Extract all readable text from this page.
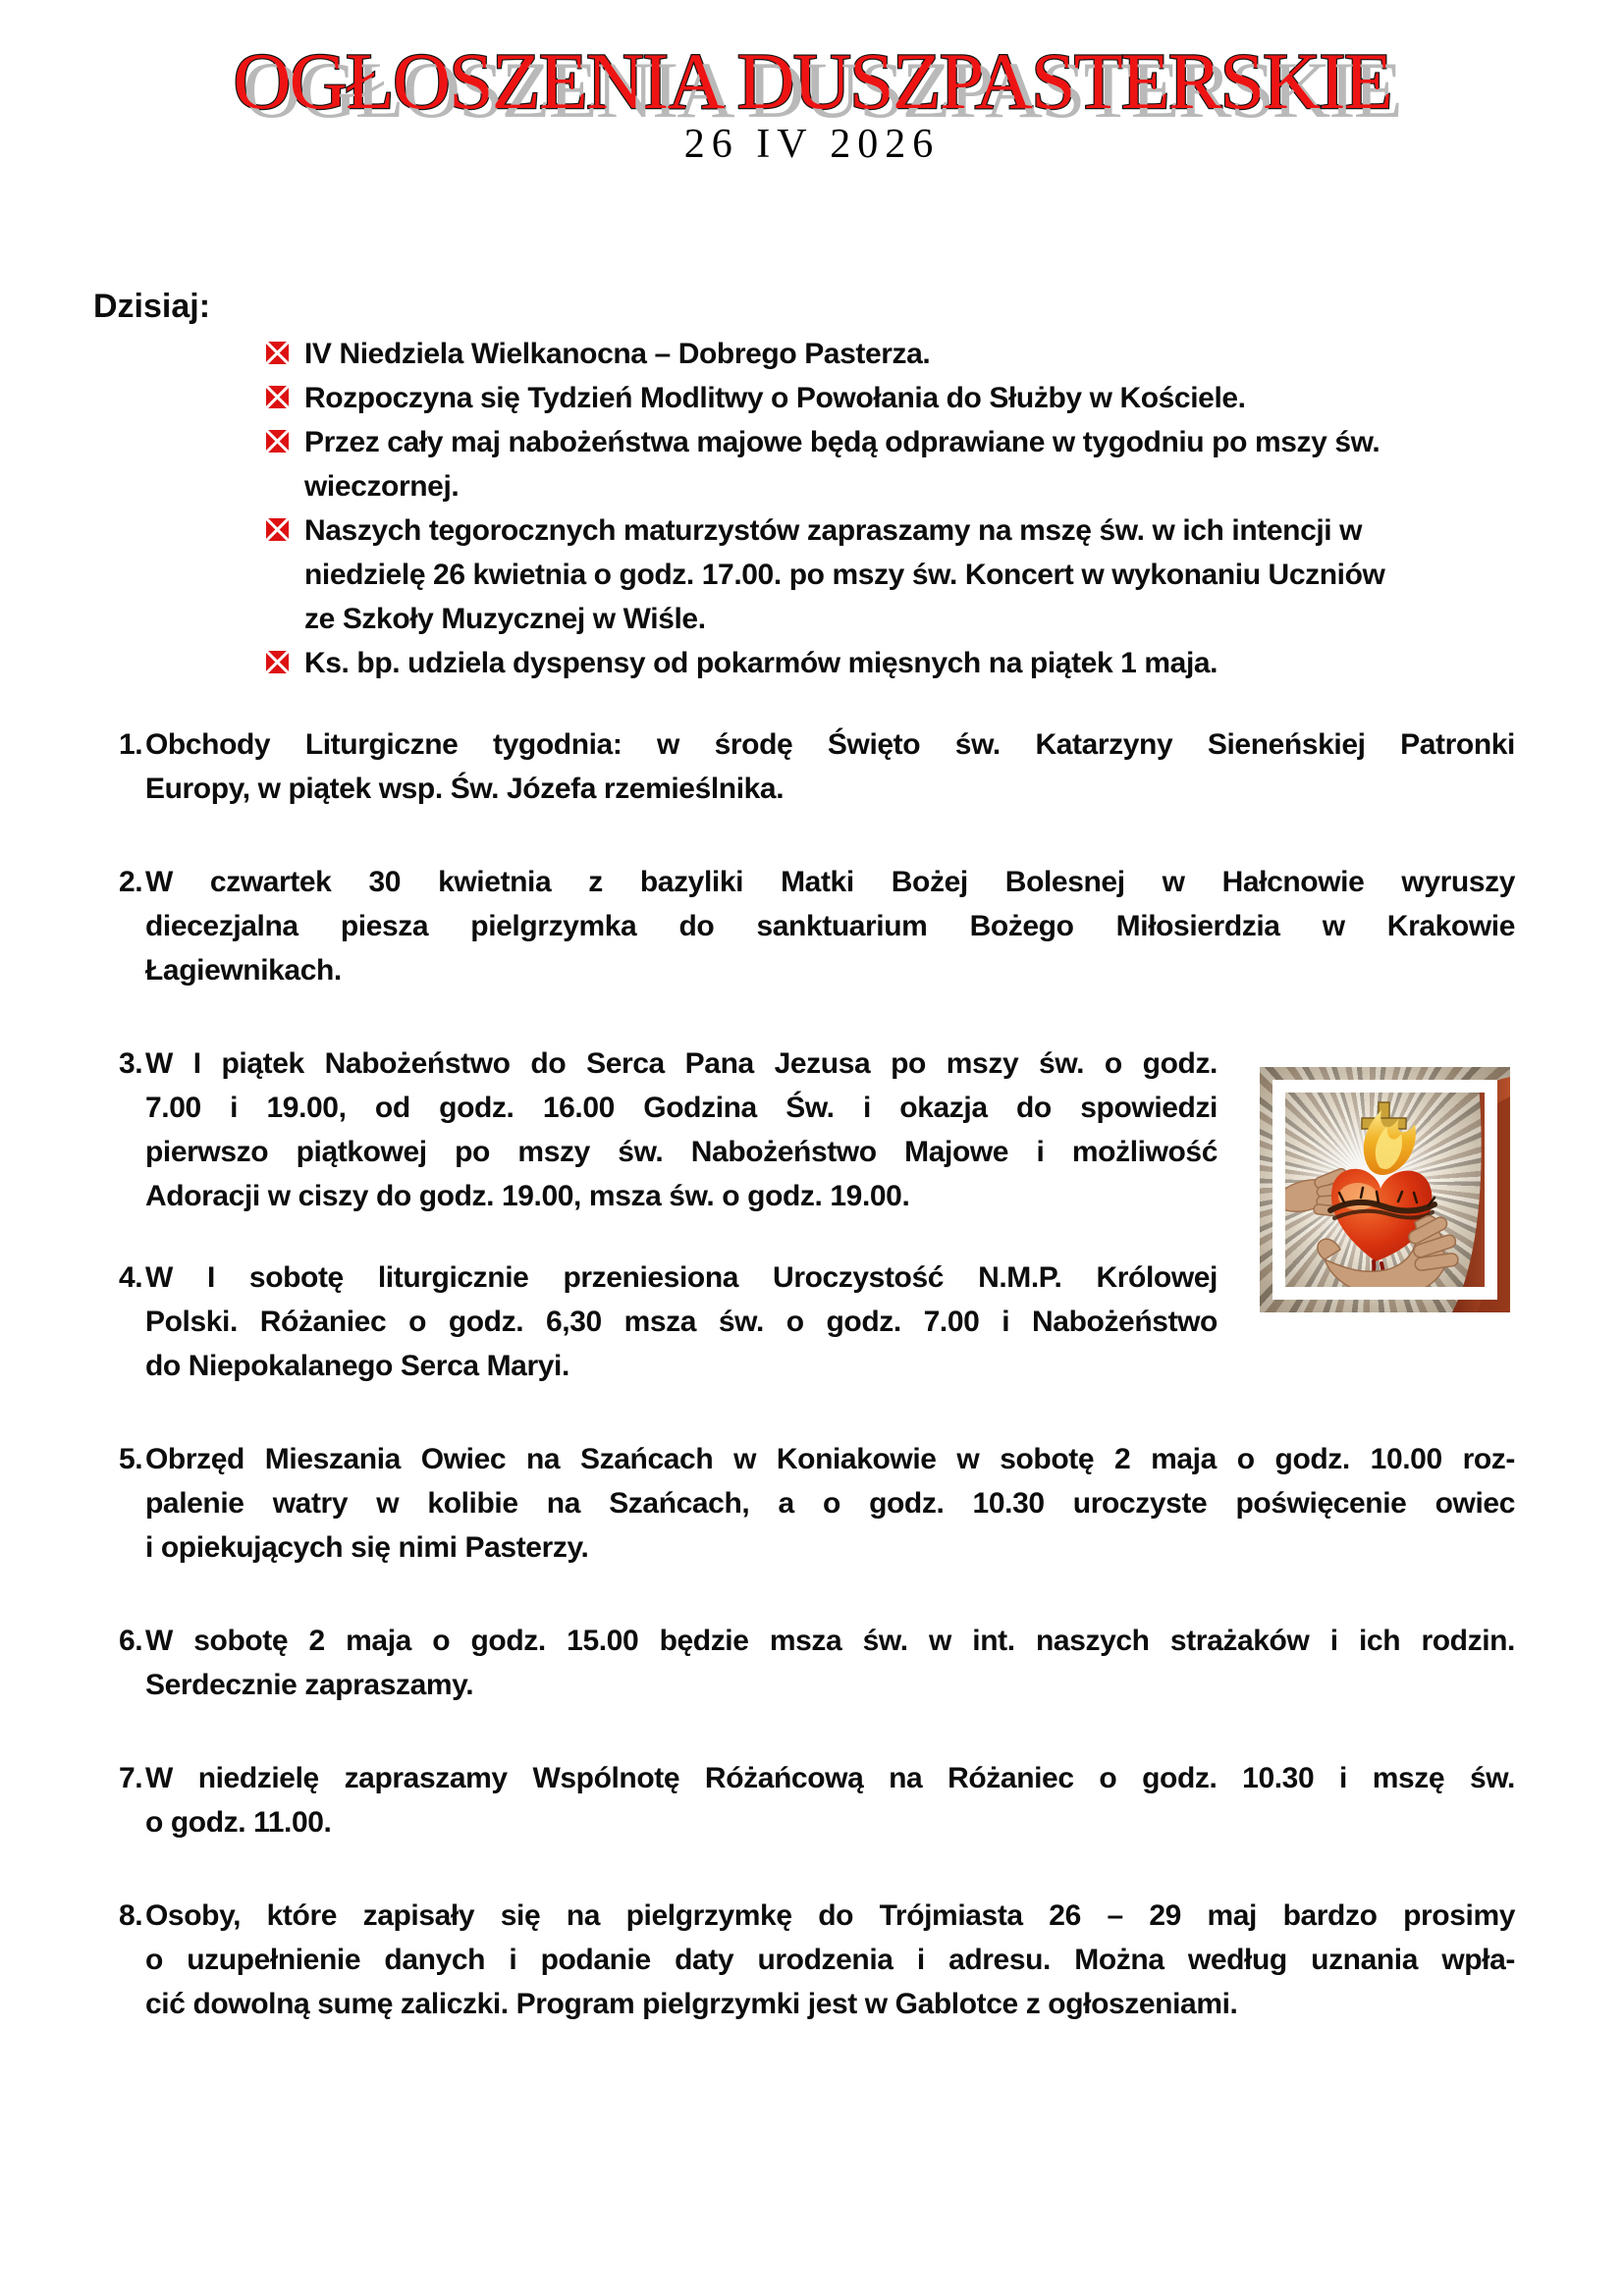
OGŁOSZENIA DUSZPASTERSKIE
26 IV 2026
Dzisiaj:
IV Niedziela Wielkanocna – Dobrego Pasterza.
Rozpoczyna się Tydzień Modlitwy o Powołania do Służby w Kościele.
Przez cały maj nabożeństwa majowe będą odprawiane w tygodniu po mszy św.
wieczornej.
Naszych tegorocznych maturzystów zapraszamy na mszę św. w ich intencji w
niedzielę 26 kwietnia o godz. 17.00. po mszy św. Koncert w wykonaniu Uczniów
ze Szkoły Muzycznej w Wiśle.
Ks. bp. udziela dyspensy od pokarmów mięsnych na piątek 1 maja.
1. Obchody Liturgiczne tygodnia: w środę Święto św. Katarzyny Sieneńskiej Patronki
Europy, w piątek wsp. Św. Józefa rzemieślnika.
2. W czwartek 30 kwietnia z bazyliki Matki Bożej Bolesnej w Hałcnowie wyruszy
diecezjalna piesza pielgrzymka do sanktuarium Bożego Miłosierdzia w Krakowie
Łagiewnikach.
3. W I piątek Nabożeństwo do Serca Pana Jezusa po mszy św. o godz.
7.00 i 19.00, od godz. 16.00 Godzina Św. i okazja do spowiedzi
pierwszo piątkowej po mszy św. Nabożeństwo Majowe i możliwość
Adoracji w ciszy do godz. 19.00, msza św. o godz. 19.00.
4. W I sobotę liturgicznie przeniesiona Uroczystość N.M.P. Królowej
Polski. Różaniec o godz. 6,30 msza św. o godz. 7.00 i Nabożeństwo
do Niepokalanego Serca Maryi.
5. Obrzęd Mieszania Owiec na Szańcach w Koniakowie w sobotę 2 maja o godz. 10.00 roz-
palenie watry w kolibie na Szańcach, a o godz. 10.30 uroczyste poświęcenie owiec
i opiekujących się nimi Pasterzy.
6. W sobotę 2 maja o godz. 15.00 będzie msza św. w int. naszych strażaków i ich rodzin.
Serdecznie zapraszamy.
7. W niedzielę zapraszamy Wspólnotę Różańcową na Różaniec o godz. 10.30 i mszę św.
o godz. 11.00.
8. Osoby, które zapisały się na pielgrzymkę do Trójmiasta 26 – 29 maj bardzo prosimy
o uzupełnienie danych i podanie daty urodzenia i adresu. Można według uznania wpła-
cić dowolną sumę zaliczki. Program pielgrzymki jest w Gablotce z ogłoszeniami.
